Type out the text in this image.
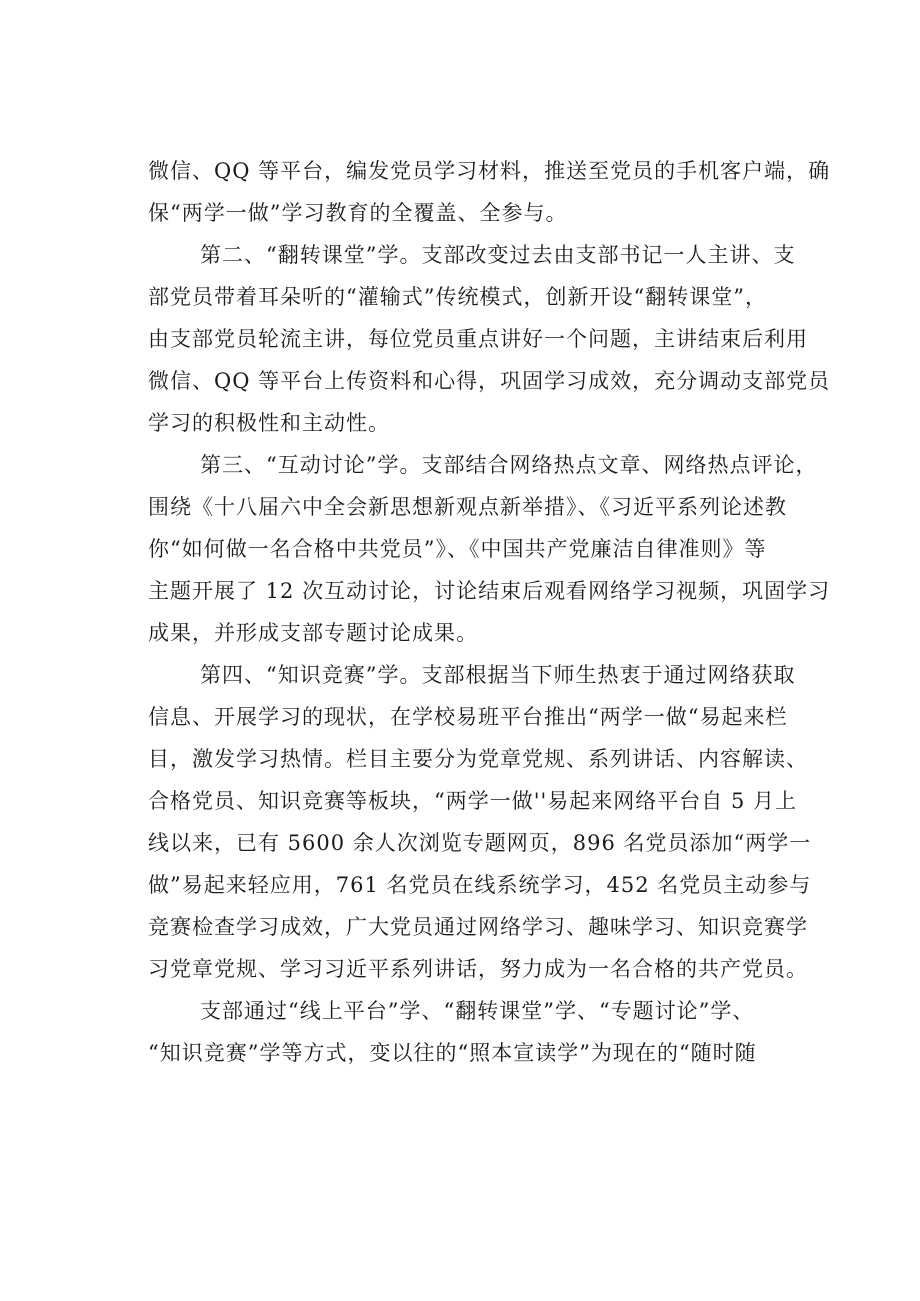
微信、QQ 等平台，编发党员学习材料，推送至党员的手机客户端，确
保“两学一做”学习教育的全覆盖、全参与。
第二、“翻转课堂”学。支部改变过去由支部书记一人主讲、支
部党员带着耳朵听的“灌输式”传统模式，创新开设“翻转课堂”，
由支部党员轮流主讲，每位党员重点讲好一个问题，主讲结束后利用
微信、QQ 等平台上传资料和心得，巩固学习成效，充分调动支部党员
学习的积极性和主动性。
第三、“互动讨论”学。支部结合网络热点文章、网络热点评论，
围绕《十八届六中全会新思想新观点新举措》、《习近平系列论述教
你“如何做一名合格中共党员”》、《中国共产党廉洁自律准则》等
主题开展了 12 次互动讨论，讨论结束后观看网络学习视频，巩固学习
成果，并形成支部专题讨论成果。
第四、“知识竞赛”学。支部根据当下师生热衷于通过网络获取
信息、开展学习的现状，在学校易班平台推出“两学一做“易起来栏
目，激发学习热情。栏目主要分为党章党规、系列讲话、内容解读、
合格党员、知识竞赛等板块，“两学一做''易起来网络平台自 5 月上
线以来，已有 5600 余人次浏览专题网页，896 名党员添加“两学一
做”易起来轻应用，761 名党员在线系统学习，452 名党员主动参与
竞赛检查学习成效，广大党员通过网络学习、趣味学习、知识竞赛学
习党章党规、学习习近平系列讲话，努力成为一名合格的共产党员。
支部通过“线上平台”学、“翻转课堂”学、“专题讨论”学、
“知识竞赛”学等方式，变以往的“照本宣读学”为现在的“随时随
